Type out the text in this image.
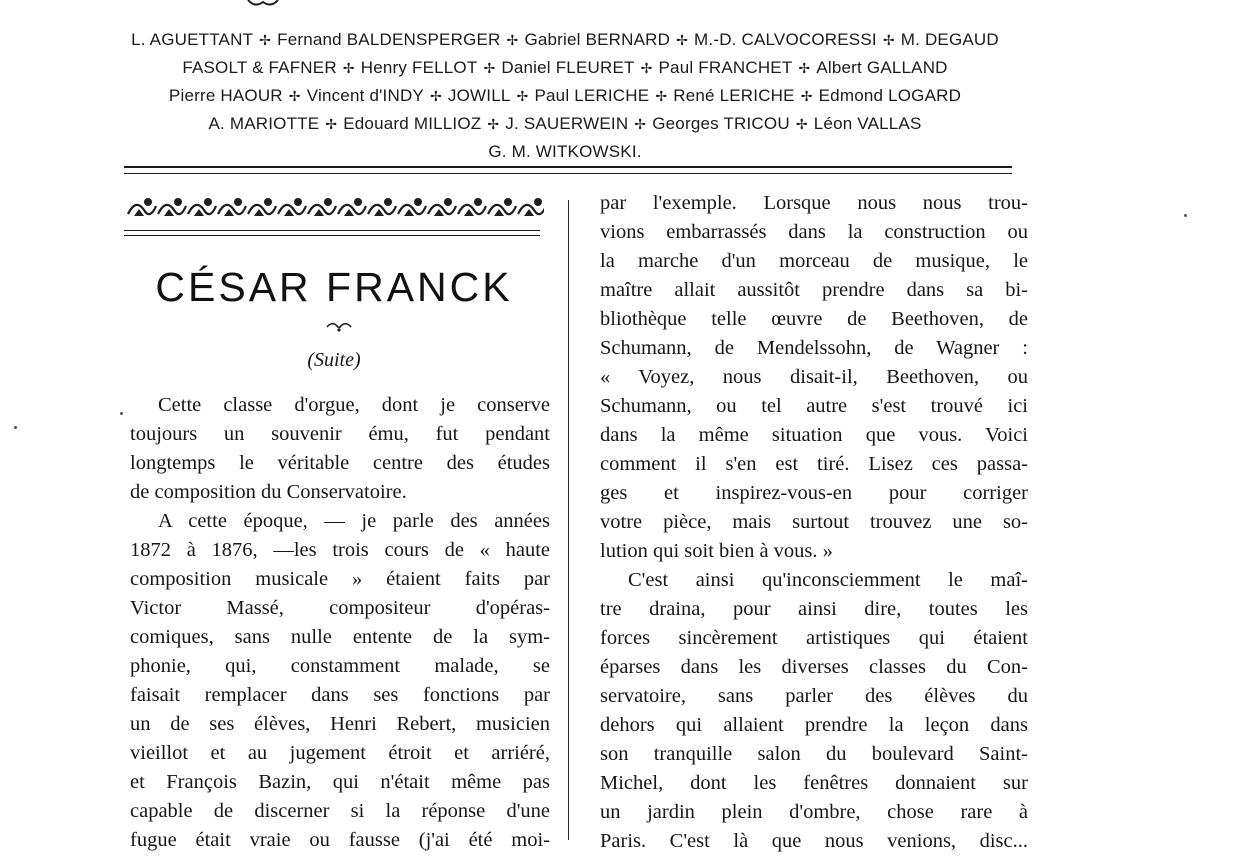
L. AGUETTANT ✢ Fernand BALDENSPERGER ✢ Gabriel BERNARD ✢ M.-D. CALVOCORESSI ✢ M. DEGAUD
FASOLT & FAFNER ✢ Henry FELLOT ✢ Daniel FLEURET ✢ Paul FRANCHET ✢ Albert GALLAND
Pierre HAOUR ✢ Vincent d'INDY ✢ JOWILL ✢ Paul LERICHE ✢ René LERICHE ✢ Edmond LOGARD
A. MARIOTTE ✢ Edouard MILLIOZ ✢ J. SAUERWEIN ✢ Georges TRICOU ✢ Léon VALLAS
G. M. WITKOWSKI.
CÉSAR FRANCK
(Suite)
Cette classe d'orgue, dont je conserve
toujours un souvenir ému, fut pendant
longtemps le véritable centre des études
de composition du Conservatoire.
A cette époque, — je parle des années
1872 à 1876, —les trois cours de « haute
composition musicale » étaient faits par
Victor Massé, compositeur d'opéras-
comiques, sans nulle entente de la sym-
phonie, qui, constamment malade, se
faisait remplacer dans ses fonctions par
un de ses élèves, Henri Rebert, musicien
vieillot et au jugement étroit et arriéré,
et François Bazin, qui n'était même pas
capable de discerner si la réponse d'une
fugue était vraie ou fausse (j'ai été moi-
par l'exemple. Lorsque nous nous trou-
vions embarrassés dans la construction ou
la marche d'un morceau de musique, le
maître allait aussitôt prendre dans sa bi-
bliothèque telle œuvre de Beethoven, de
Schumann, de Mendelssohn, de Wagner :
« Voyez, nous disait-il, Beethoven, ou
Schumann, ou tel autre s'est trouvé ici
dans la même situation que vous. Voici
comment il s'en est tiré. Lisez ces passa-
ges et inspirez-vous-en pour corriger
votre pièce, mais surtout trouvez une so-
lution qui soit bien à vous. »
C'est ainsi qu'inconsciemment le maî-
tre draina, pour ainsi dire, toutes les
forces sincèrement artistiques qui étaient
éparses dans les diverses classes du Con-
servatoire, sans parler des élèves du
dehors qui allaient prendre la leçon dans
son tranquille salon du boulevard Saint-
Michel, dont les fenêtres donnaient sur
un jardin plein d'ombre, chose rare à
Paris. C'est là que nous venions, disc...
